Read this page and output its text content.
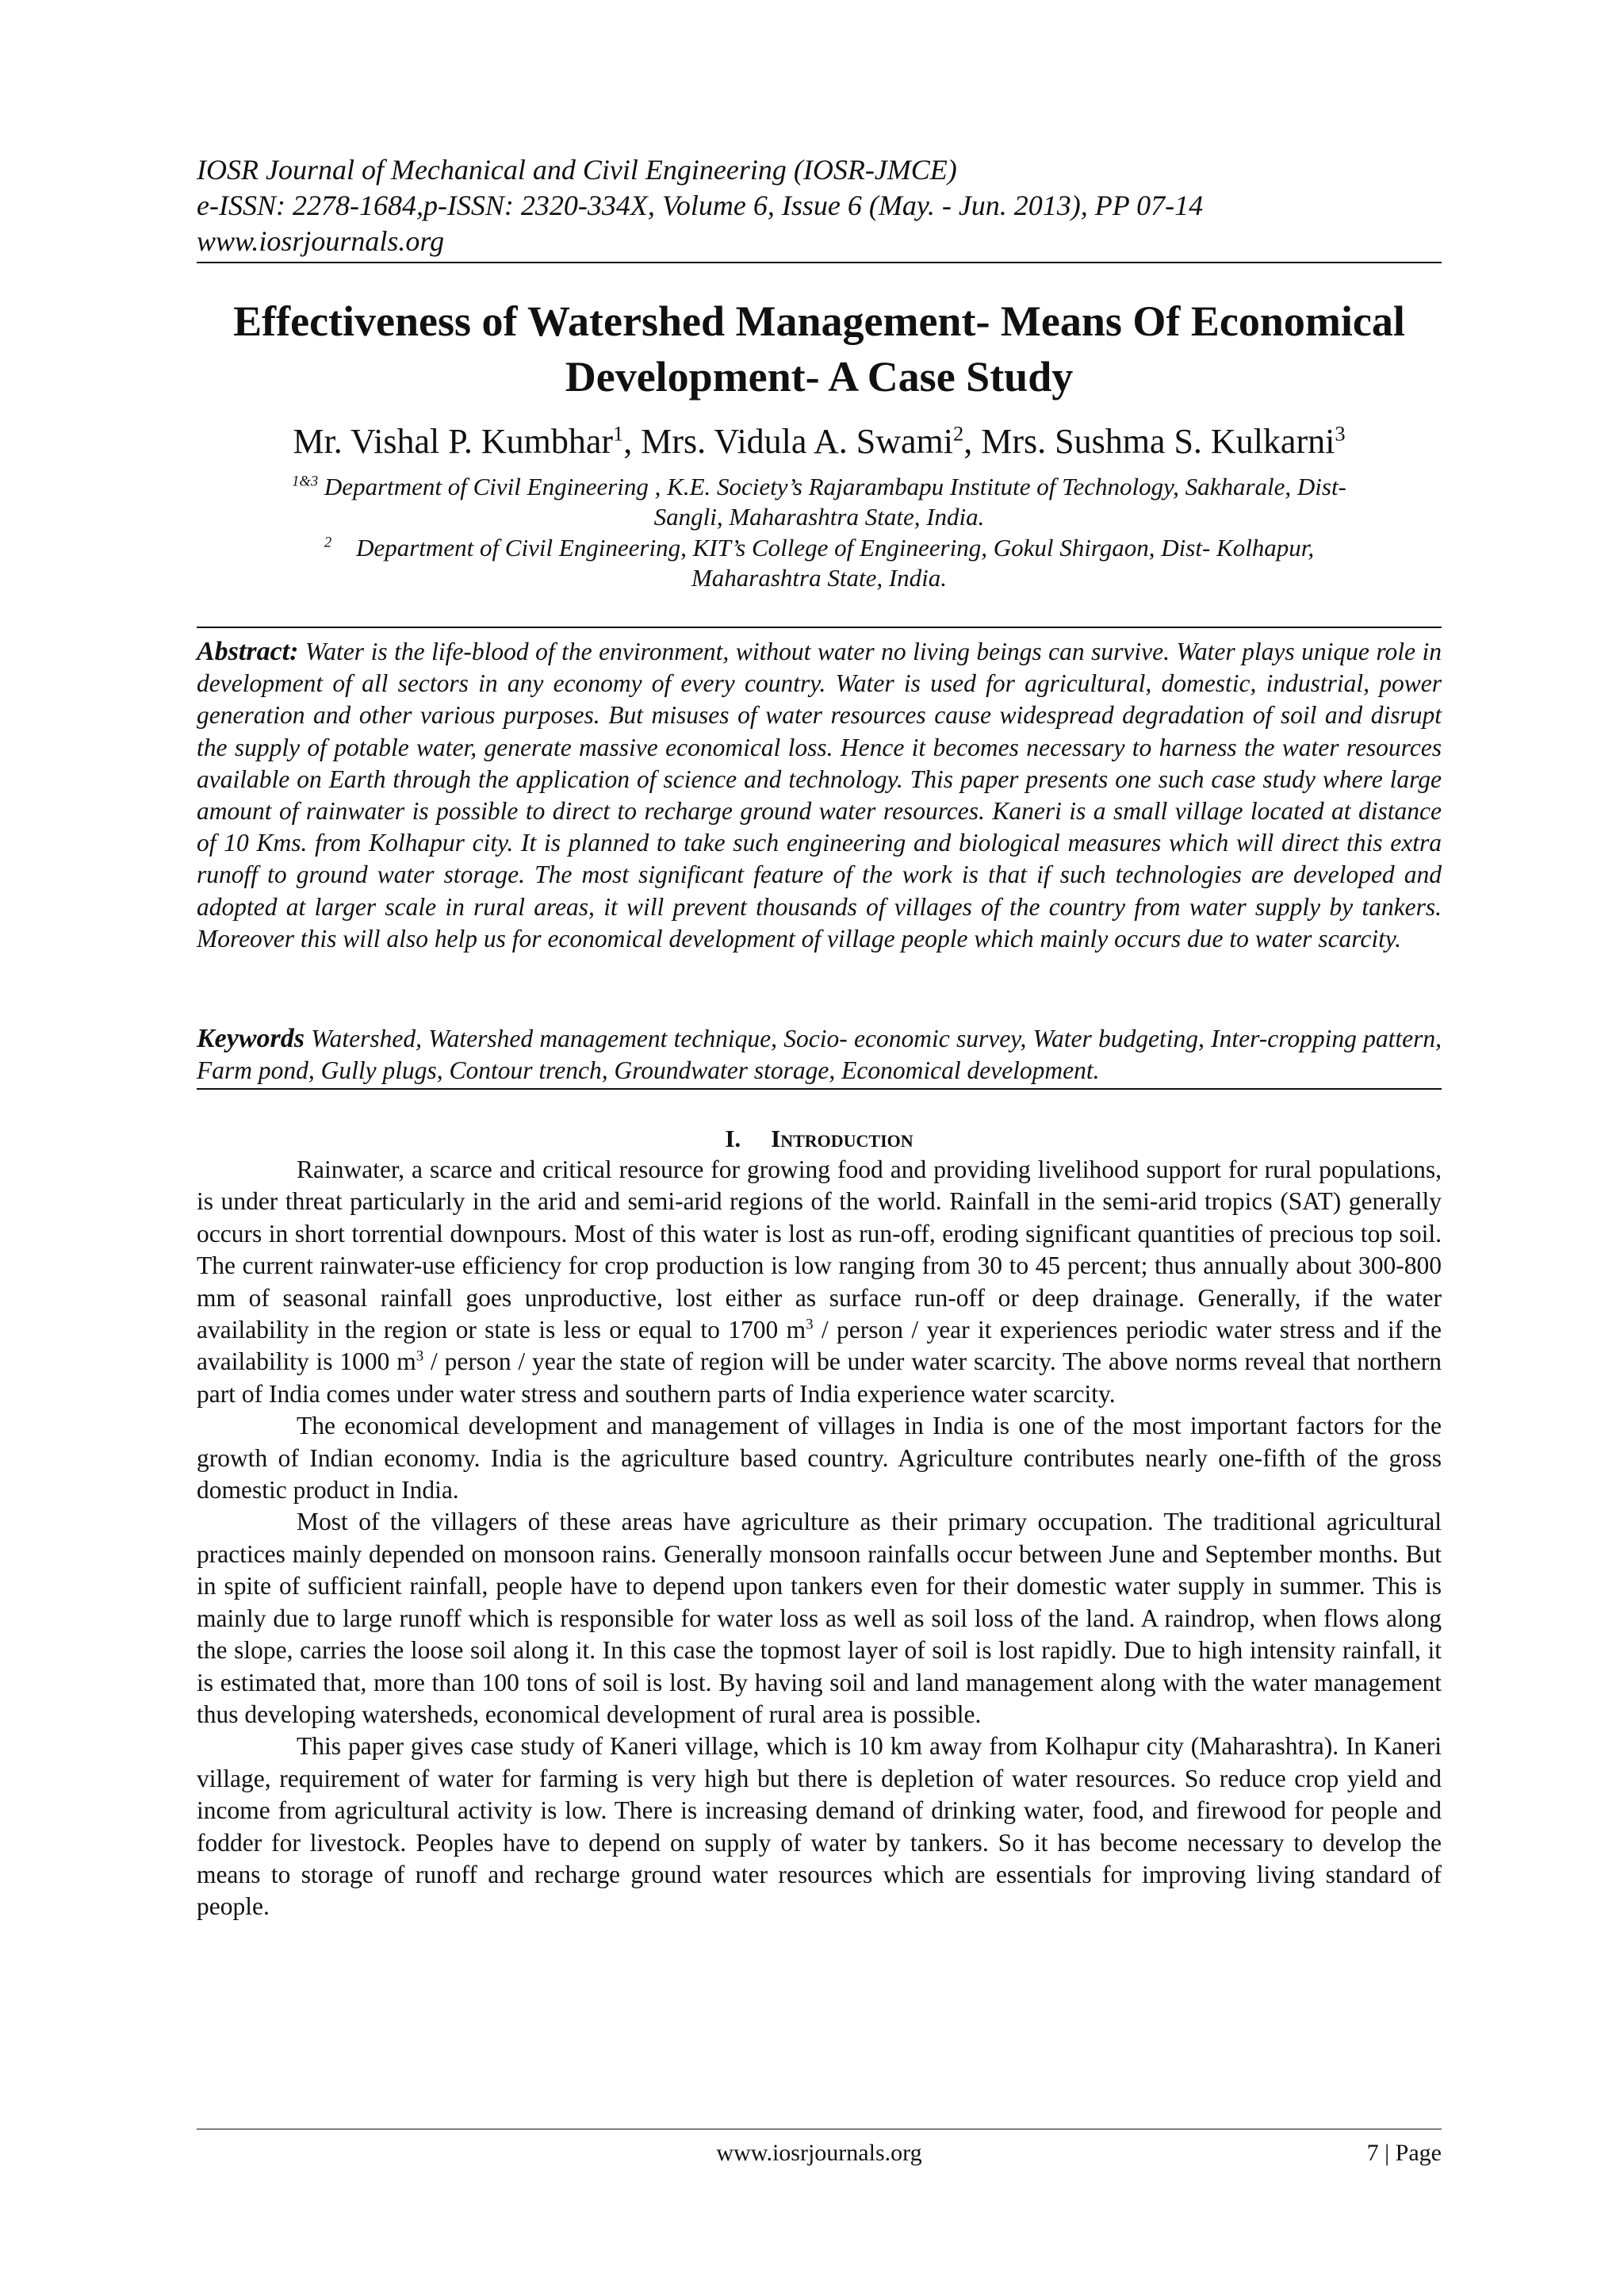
IOSR Journal of Mechanical and Civil Engineering (IOSR-JMCE)
e-ISSN: 2278-1684,p-ISSN: 2320-334X, Volume 6, Issue 6 (May. - Jun. 2013), PP 07-14
www.iosrjournals.org
Effectiveness of Watershed Management- Means Of Economical
Development- A Case Study
Mr. Vishal P. Kumbhar$^1$, Mrs. Vidula A. Swami$^2$, Mrs. Sushma S. Kulkarni$^3$
$^{1\&3}$ Department of Civil Engineering , K.E. Society’s Rajarambapu Institute of Technology, Sakharale, Dist-
Sangli, Maharashtra State, India.
$^2$ Department of Civil Engineering, KIT’s College of Engineering, Gokul Shirgaon, Dist- Kolhapur,
Maharashtra State, India.
Abstract: Water is the life-blood of the environment, without water no living beings can survive. Water plays unique role in development of all sectors in any economy of every country. Water is used for agricultural, domestic, industrial, power generation and other various purposes. But misuses of water resources cause widespread degradation of soil and disrupt the supply of potable water, generate massive economical loss. Hence it becomes necessary to harness the water resources available on Earth through the application of science and technology. This paper presents one such case study where large amount of rainwater is possible to direct to recharge ground water resources. Kaneri is a small village located at distance of 10 Kms. from Kolhapur city. It is planned to take such engineering and biological measures which will direct this extra runoff to ground water storage. The most significant feature of the work is that if such technologies are developed and adopted at larger scale in rural areas, it will prevent thousands of villages of the country from water supply by tankers. Moreover this will also help us for economical development of village people which mainly occurs due to water scarcity.
Keywords Watershed, Watershed management technique, Socio- economic survey, Water budgeting, Inter-cropping pattern, Farm pond, Gully plugs, Contour trench, Groundwater storage, Economical development.
I. Introduction

Rainwater, a scarce and critical resource for growing food and providing livelihood support for rural populations, is under threat particularly in the arid and semi-arid regions of the world. Rainfall in the semi-arid tropics (SAT) generally occurs in short torrential downpours. Most of this water is lost as run-off, eroding significant quantities of precious top soil. The current rainwater-use efficiency for crop production is low ranging from 30 to 45 percent; thus annually about 300-800 mm of seasonal rainfall goes unproductive, lost either as surface run-off or deep drainage. Generally, if the water availability in the region or state is less or equal to 1700 $m^3$ / person / year it experiences periodic water stress and if the availability is 1000 $m^3$ / person / year the state of region will be under water scarcity. The above norms reveal that northern part of India comes under water stress and southern parts of India experience water scarcity.

The economical development and management of villages in India is one of the most important factors for the growth of Indian economy. India is the agriculture based country. Agriculture contributes nearly one-fifth of the gross domestic product in India.

Most of the villagers of these areas have agriculture as their primary occupation. The traditional agricultural practices mainly depended on monsoon rains. Generally monsoon rainfalls occur between June and September months. But in spite of sufficient rainfall, people have to depend upon tankers even for their domestic water supply in summer. This is mainly due to large runoff which is responsible for water loss as well as soil loss of the land. A raindrop, when flows along the slope, carries the loose soil along it. In this case the topmost layer of soil is lost rapidly. Due to high intensity rainfall, it is estimated that, more than 100 tons of soil is lost. By having soil and land management along with the water management thus developing watersheds, economical development of rural area is possible.

This paper gives case study of Kaneri village, which is 10 km away from Kolhapur city (Maharashtra). In Kaneri village, requirement of water for farming is very high but there is depletion of water resources. So reduce crop yield and income from agricultural activity is low. There is increasing demand of drinking water, food, and firewood for people and fodder for livestock. Peoples have to depend on supply of water by tankers. So it has become necessary to develop the means to storage of runoff and recharge ground water resources which are essentials for improving living standard of people.

www.iosrjournals.org	7 | Page
